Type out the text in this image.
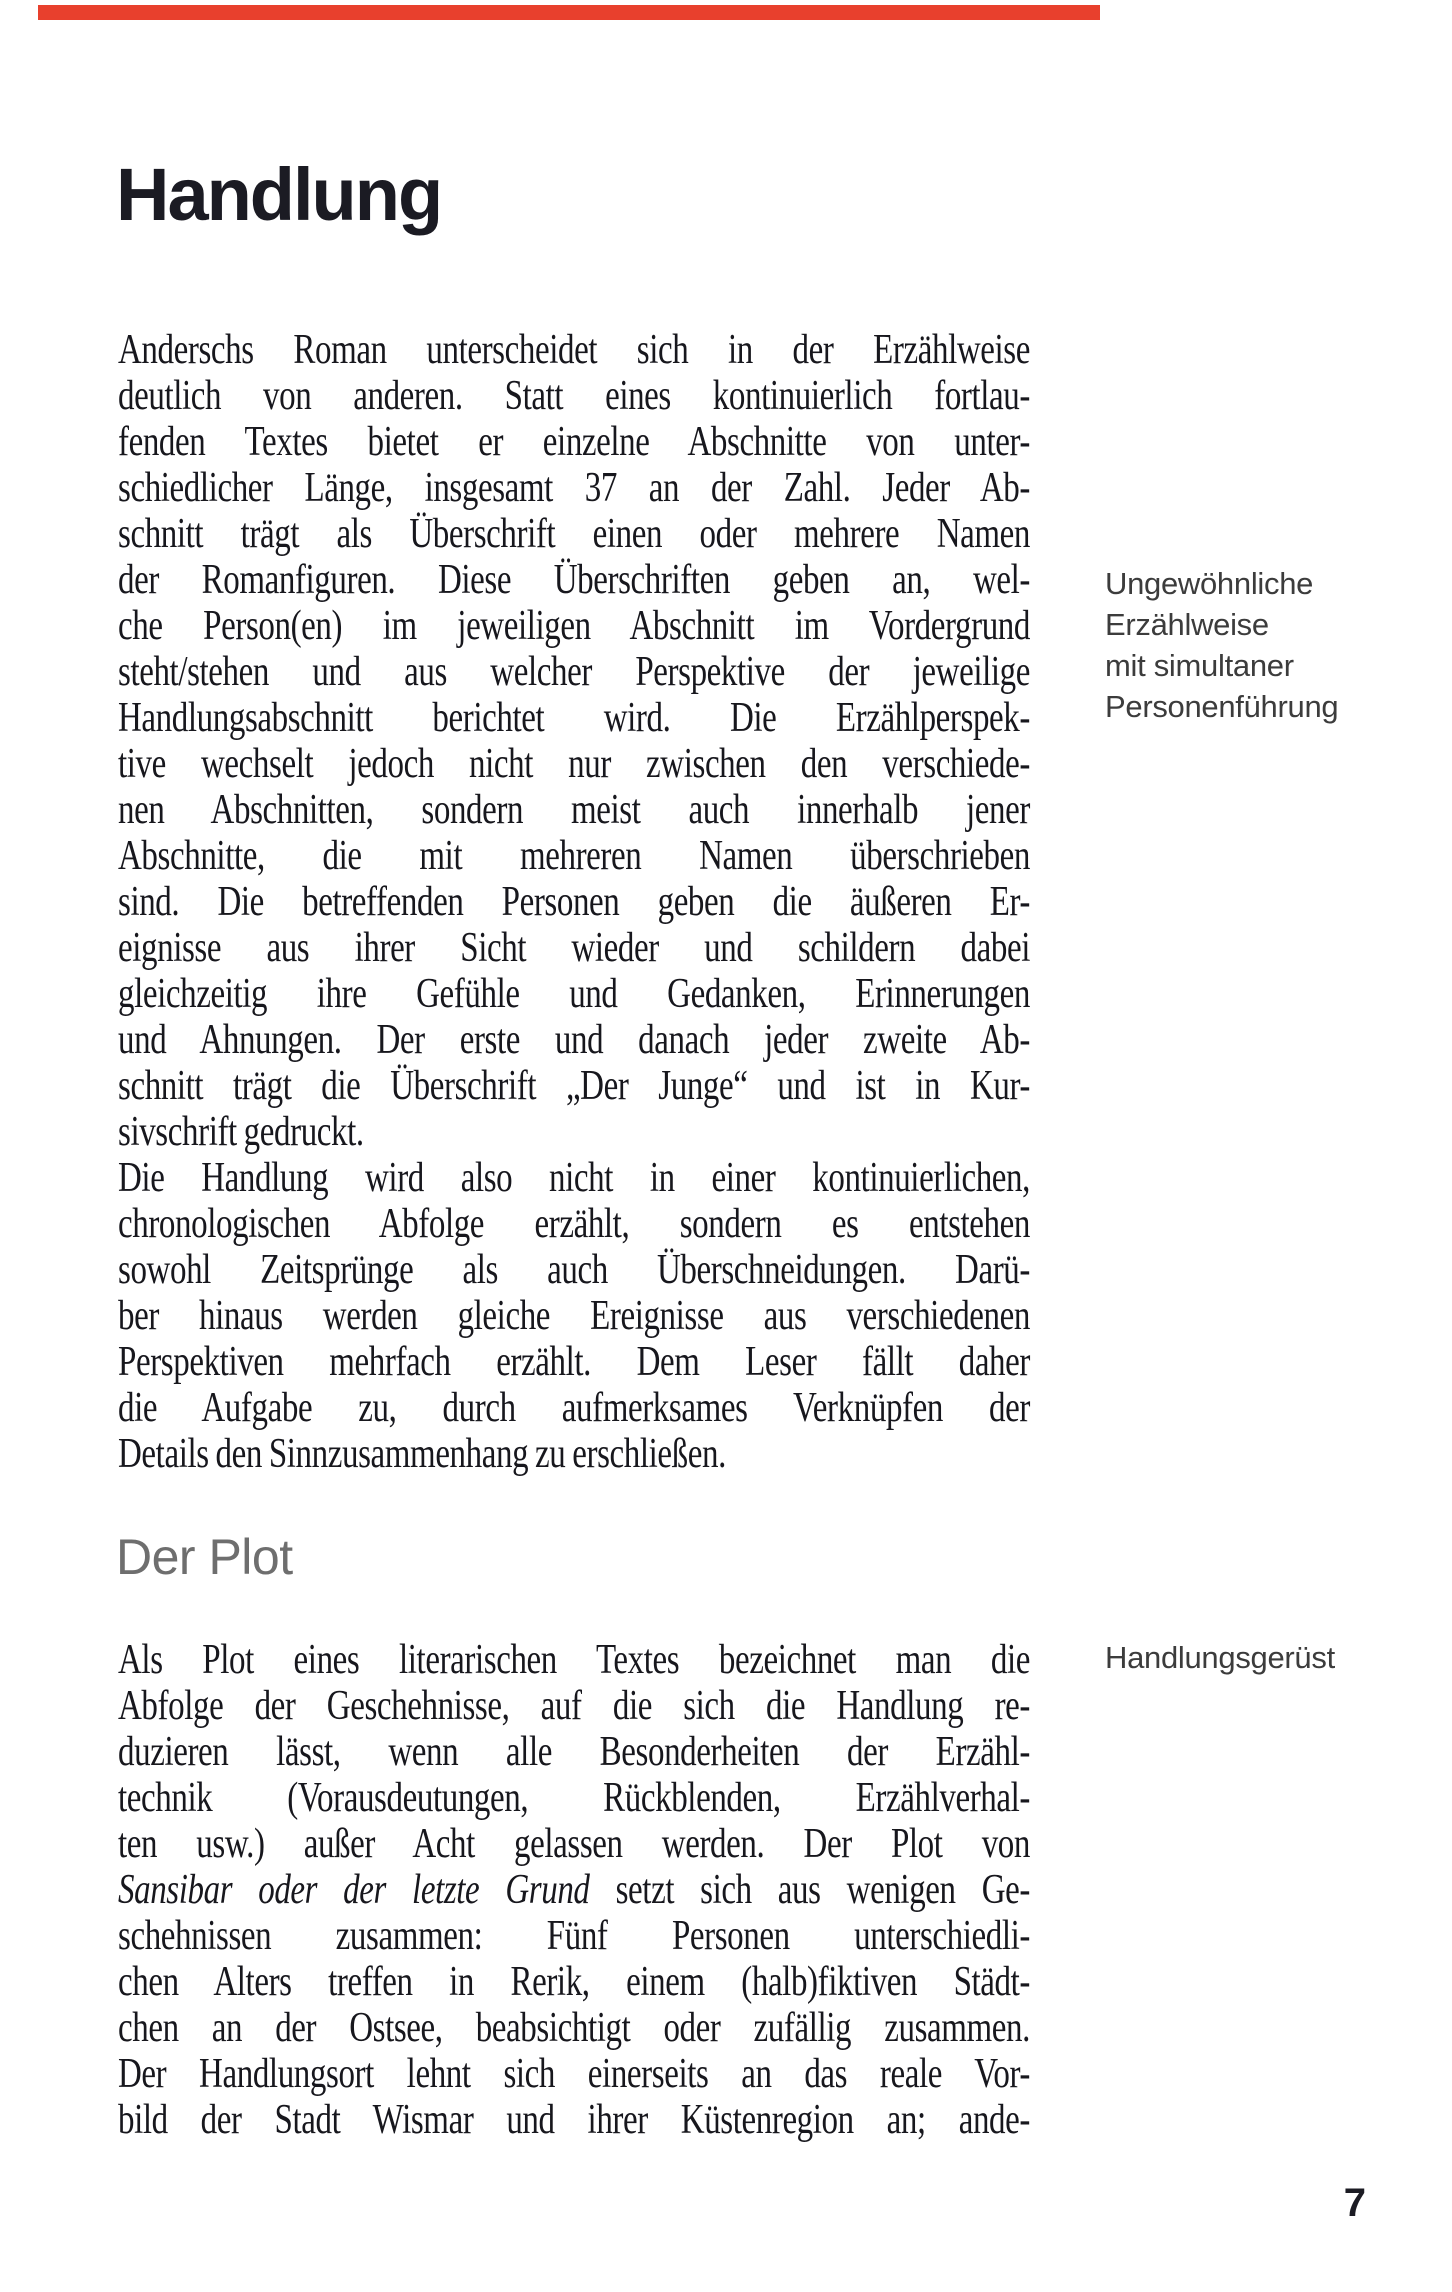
Handlung
Anderschs Roman unterscheidet sich in der Erzählweise
deutlich von anderen. Statt eines kontinuierlich fortlau-
fenden Textes bietet er einzelne Abschnitte von unter-
schiedlicher Länge, insgesamt 37 an der Zahl. Jeder Ab-
schnitt trägt als Überschrift einen oder mehrere Namen
der Romanfiguren. Diese Überschriften geben an, wel-
che Person(en) im jeweiligen Abschnitt im Vordergrund
steht/stehen und aus welcher Perspektive der jeweilige
Handlungsabschnitt berichtet wird. Die Erzählperspek-
tive wechselt jedoch nicht nur zwischen den verschiede-
nen Abschnitten, sondern meist auch innerhalb jener
Abschnitte, die mit mehreren Namen überschrieben
sind. Die betreffenden Personen geben die äußeren Er-
eignisse aus ihrer Sicht wieder und schildern dabei
gleichzeitig ihre Gefühle und Gedanken, Erinnerungen
und Ahnungen. Der erste und danach jeder zweite Ab-
schnitt trägt die Überschrift „Der Junge“ und ist in Kur-
sivschrift gedruckt.
Die Handlung wird also nicht in einer kontinuierlichen,
chronologischen Abfolge erzählt, sondern es entstehen
sowohl Zeitsprünge als auch Überschneidungen. Darü-
ber hinaus werden gleiche Ereignisse aus verschiedenen
Perspektiven mehrfach erzählt. Dem Leser fällt daher
die Aufgabe zu, durch aufmerksames Verknüpfen der
Details den Sinnzusammenhang zu erschließen.
Der Plot
Als Plot eines literarischen Textes bezeichnet man die
Abfolge der Geschehnisse, auf die sich die Handlung re-
duzieren lässt, wenn alle Besonderheiten der Erzähl-
technik (Vorausdeutungen, Rückblenden, Erzählverhal-
ten usw.) außer Acht gelassen werden. Der Plot von
Sansibar oder der letzte Grund setzt sich aus wenigen Ge-
schehnissen zusammen: Fünf Personen unterschiedli-
chen Alters treffen in Rerik, einem (halb)fiktiven Städt-
chen an der Ostsee, beabsichtigt oder zufällig zusammen.
Der Handlungsort lehnt sich einerseits an das reale Vor-
bild der Stadt Wismar und ihrer Küstenregion an; ande-
Ungewöhnliche
Erzählweise
mit simultaner
Personenführung
Handlungsgerüst
7
